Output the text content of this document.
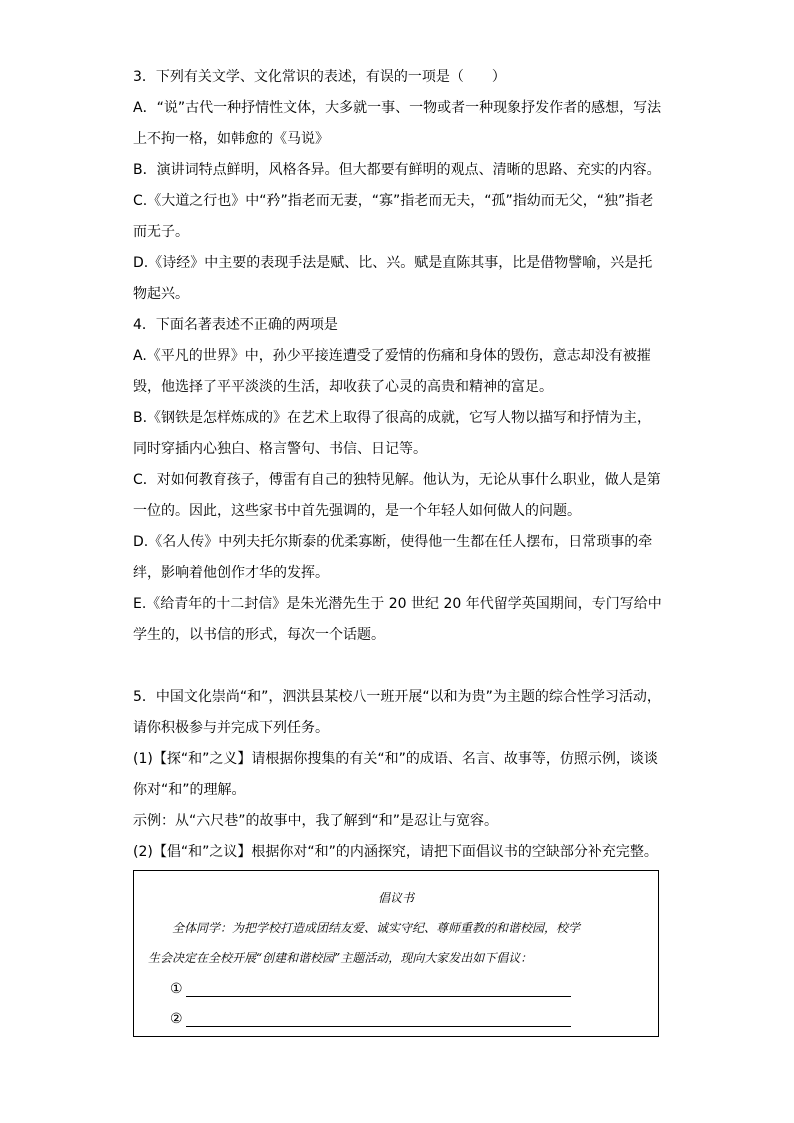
3．下列有关文学、文化常识的表述，有误的一项是（　　）
A．“说”古代一种抒情性文体，大多就一事、一物或者一种现象抒发作者的感想，写法
上不拘一格，如韩愈的《马说》
B．演讲词特点鲜明，风格各异。但大都要有鲜明的观点、清晰的思路、充实的内容。
C.《大道之行也》中“矜”指老而无妻，“寡”指老而无夫，“孤”指幼而无父，“独”指老
而无子。
D.《诗经》中主要的表现手法是赋、比、兴。赋是直陈其事，比是借物譬喻，兴是托
物起兴。
4．下面名著表述不正确的两项是
A.《平凡的世界》中，孙少平接连遭受了爱情的伤痛和身体的毁伤，意志却没有被摧
毁，他选择了平平淡淡的生活，却收获了心灵的高贵和精神的富足。
B.《钢铁是怎样炼成的》在艺术上取得了很高的成就，它写人物以描写和抒情为主，
同时穿插内心独白、格言警句、书信、日记等。
C．对如何教育孩子，傅雷有自己的独特见解。他认为，无论从事什么职业，做人是第
一位的。因此，这些家书中首先强调的，是一个年轻人如何做人的问题。
D.《名人传》中列夫托尔斯泰的优柔寡断，使得他一生都在任人摆布，日常琐事的牵
绊，影响着他创作才华的发挥。
E.《给青年的十二封信》是朱光潜先生于 20 世纪 20 年代留学英国期间，专门写给中
学生的，以书信的形式，每次一个话题。
5．中国文化崇尚“和”，泗洪县某校八一班开展“以和为贵”为主题的综合性学习活动，
请你积极参与并完成下列任务。
(1)【探“和”之义】请根据你搜集的有关“和”的成语、名言、故事等，仿照示例，谈谈
你对“和”的理解。
示例：从“六尺巷”的故事中，我了解到“和”是忍让与宽容。
(2)【倡“和”之议】根据你对“和”的内涵探究，请把下面倡议书的空缺部分补充完整。
倡议书
　　全体同学：为把学校打造成团结友爱、诚实守纪、尊师重教的和谐校园，校学
生会决定在全校开展“创建和谐校园”主题活动，现向大家发出如下倡议：
①
②
